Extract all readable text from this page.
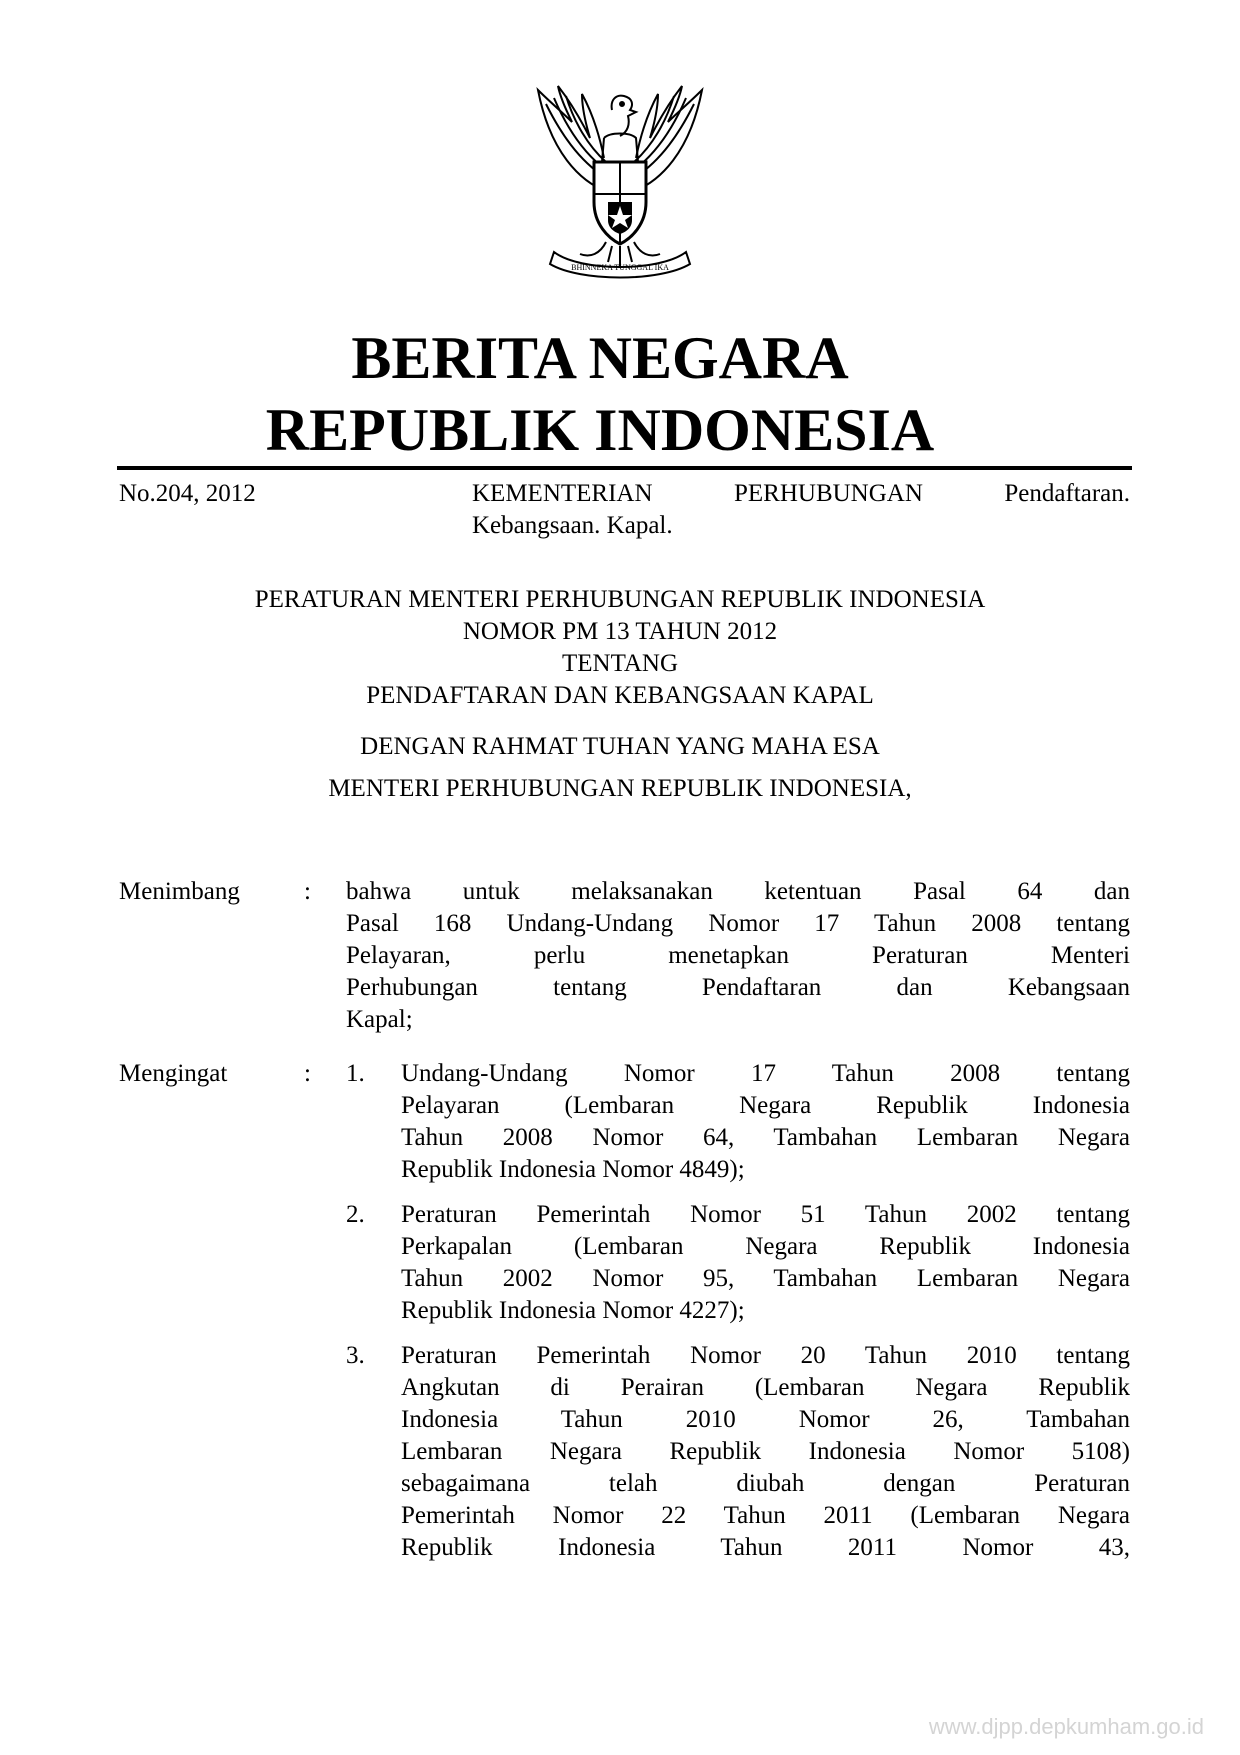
BHINNEKA TUNGGAL IKA
BERITA NEGARA
REPUBLIK INDONESIA
No.204, 2012	KEMENTERIAN PERHUBUNGAN Pendaftaran.
Kebangsaan. Kapal.

PERATURAN MENTERI PERHUBUNGAN REPUBLIK INDONESIA

NOMOR PM 13 TAHUN 2012

TENTANG

PENDAFTARAN DAN KEBANGSAAN KAPAL

DENGAN RAHMAT TUHAN YANG MAHA ESA

MENTERI PERHUBUNGAN REPUBLIK INDONESIA,

Menimbang	: bahwa untuk melaksanakan ketentuan Pasal 64 dan
Pasal 168 Undang-Undang Nomor 17 Tahun 2008 tentang
Pelayaran, perlu menetapkan Peraturan Menteri
Perhubungan tentang Pendaftaran dan Kebangsaan
Kapal;
Mengingat	: 1. Undang-Undang Nomor 17 Tahun 2008 tentang
Pelayaran (Lembaran Negara Republik Indonesia
Tahun 2008 Nomor 64, Tambahan Lembaran Negara
Republik Indonesia Nomor 4849);
2. Peraturan Pemerintah Nomor 51 Tahun 2002 tentang
Perkapalan (Lembaran Negara Republik Indonesia
Tahun 2002 Nomor 95, Tambahan Lembaran Negara
Republik Indonesia Nomor 4227);
3. Peraturan Pemerintah Nomor 20 Tahun 2010 tentang
Angkutan di Perairan (Lembaran Negara Republik
Indonesia Tahun 2010 Nomor 26, Tambahan
Lembaran Negara Republik Indonesia Nomor 5108)
sebagaimana telah diubah dengan Peraturan
Pemerintah Nomor 22 Tahun 2011 (Lembaran Negara
Republik Indonesia Tahun 2011 Nomor 43,
www.djpp.depkumham.go.id
